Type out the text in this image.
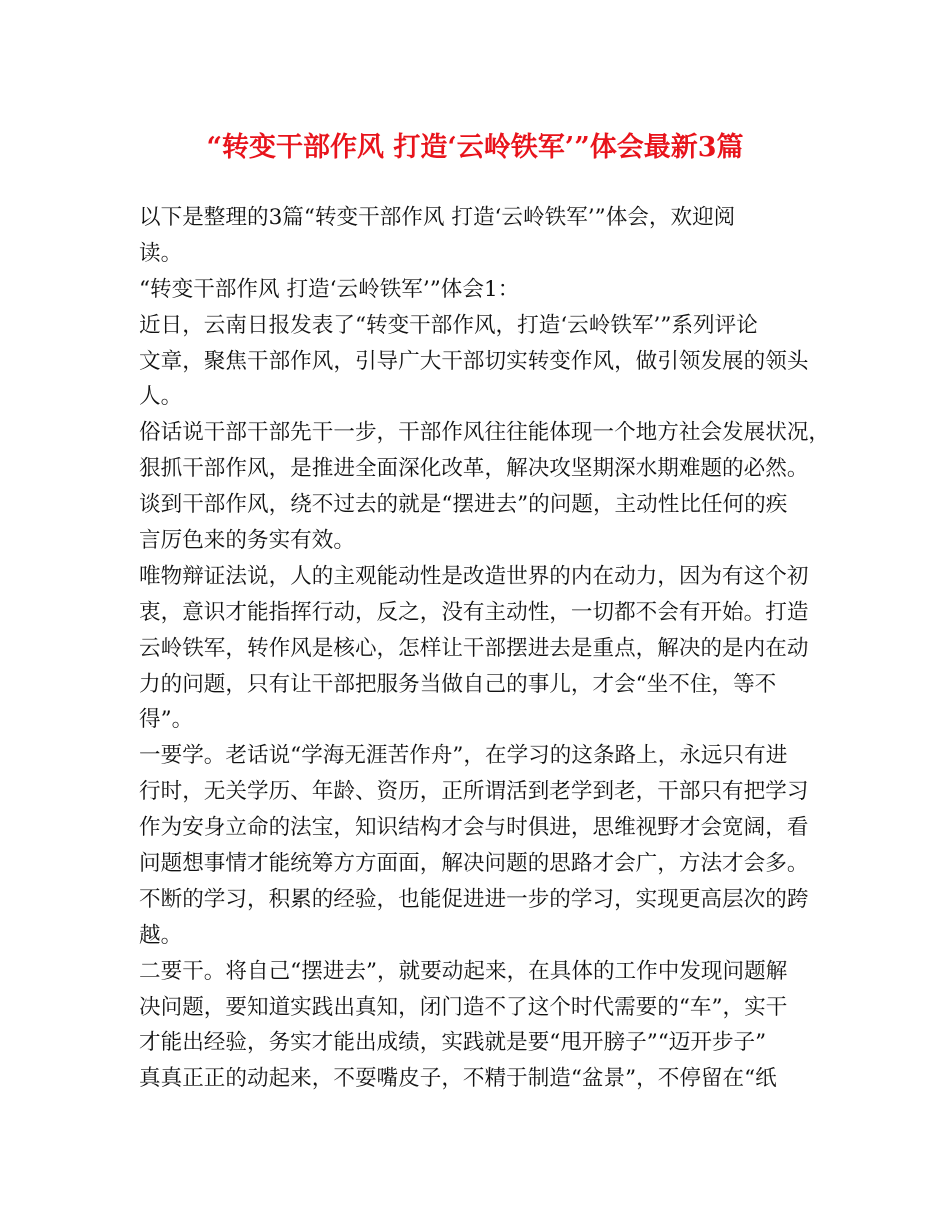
“转变干部作风 打造‘云岭铁军’”体会最新3篇
以下是整理的3篇“转变干部作风 打造‘云岭铁军’”体会，欢迎阅
读。
“转变干部作风 打造‘云岭铁军’”体会1：
近日，云南日报发表了“转变干部作风，打造‘云岭铁军’”系列评论
文章，聚焦干部作风，引导广大干部切实转变作风，做引领发展的领头
人。
俗话说干部干部先干一步，干部作风往往能体现一个地方社会发展状况，
狠抓干部作风，是推进全面深化改革，解决攻坚期深水期难题的必然。
谈到干部作风，绕不过去的就是“摆进去”的问题，主动性比任何的疾
言厉色来的务实有效。
唯物辩证法说，人的主观能动性是改造世界的内在动力，因为有这个初
衷，意识才能指挥行动，反之，没有主动性，一切都不会有开始。打造
云岭铁军，转作风是核心，怎样让干部摆进去是重点，解决的是内在动
力的问题，只有让干部把服务当做自己的事儿，才会“坐不住，等不
得”。
一要学。老话说“学海无涯苦作舟”，在学习的这条路上，永远只有进
行时，无关学历、年龄、资历，正所谓活到老学到老，干部只有把学习
作为安身立命的法宝，知识结构才会与时俱进，思维视野才会宽阔，看
问题想事情才能统筹方方面面，解决问题的思路才会广，方法才会多。
不断的学习，积累的经验，也能促进进一步的学习，实现更高层次的跨
越。
二要干。将自己“摆进去”，就要动起来，在具体的工作中发现问题解
决问题，要知道实践出真知，闭门造不了这个时代需要的“车”，实干
才能出经验，务实才能出成绩，实践就是要“甩开膀子”“迈开步子”
真真正正的动起来，不耍嘴皮子，不精于制造“盆景”，不停留在“纸
